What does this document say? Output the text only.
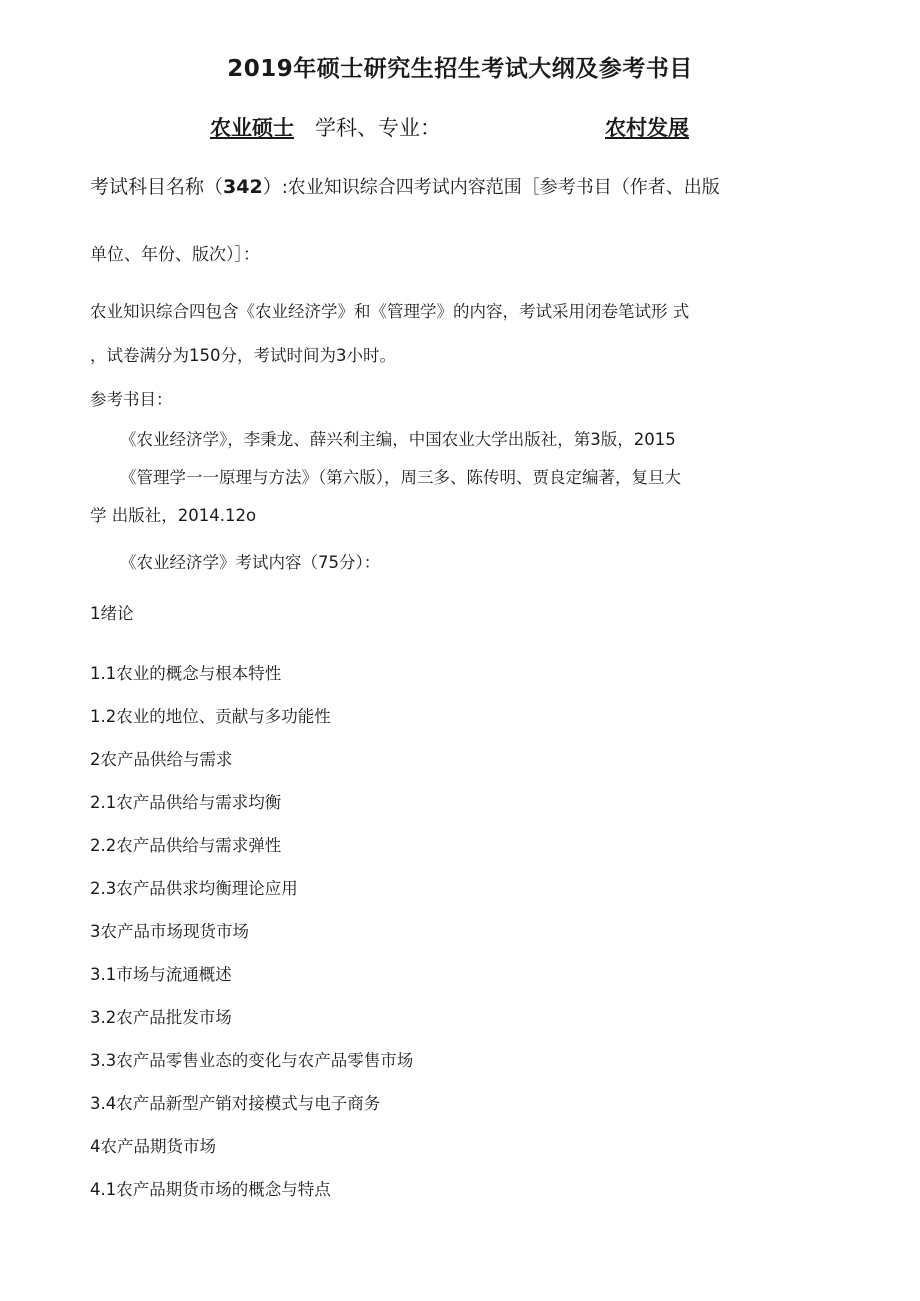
2019年硕士研究生招生考试大纲及参考书目
农业硕士 学科、专业：	农村发展
考试科目名称（342）:农业知识综合四考试内容范围［参考书目（作者、出版
单位、年份、版次）］：
农业知识综合四包含《农业经济学》和《管理学》的内容，考试采用闭卷笔试形 式
，试卷满分为150分，考试时间为3小时。
参考书目：
《农业经济学》，李秉龙、薛兴利主编，中国农业大学出版社，第3版，2015
《管理学一一原理与方法》（第六版），周三多、陈传明、贾良定编著，复旦大
学 出版社，2014.12o
《农业经济学》考试内容（75分）：
1绪论
1.1农业的概念与根本特性
1.2农业的地位、贡献与多功能性
2农产品供给与需求
2.1农产品供给与需求均衡
2.2农产品供给与需求弹性
2.3农产品供求均衡理论应用
3农产品市场现货市场
3.1市场与流通概述
3.2农产品批发市场
3.3农产品零售业态的变化与农产品零售市场
3.4农产品新型产销对接模式与电子商务
4农产品期货市场
4.1农产品期货市场的概念与特点
